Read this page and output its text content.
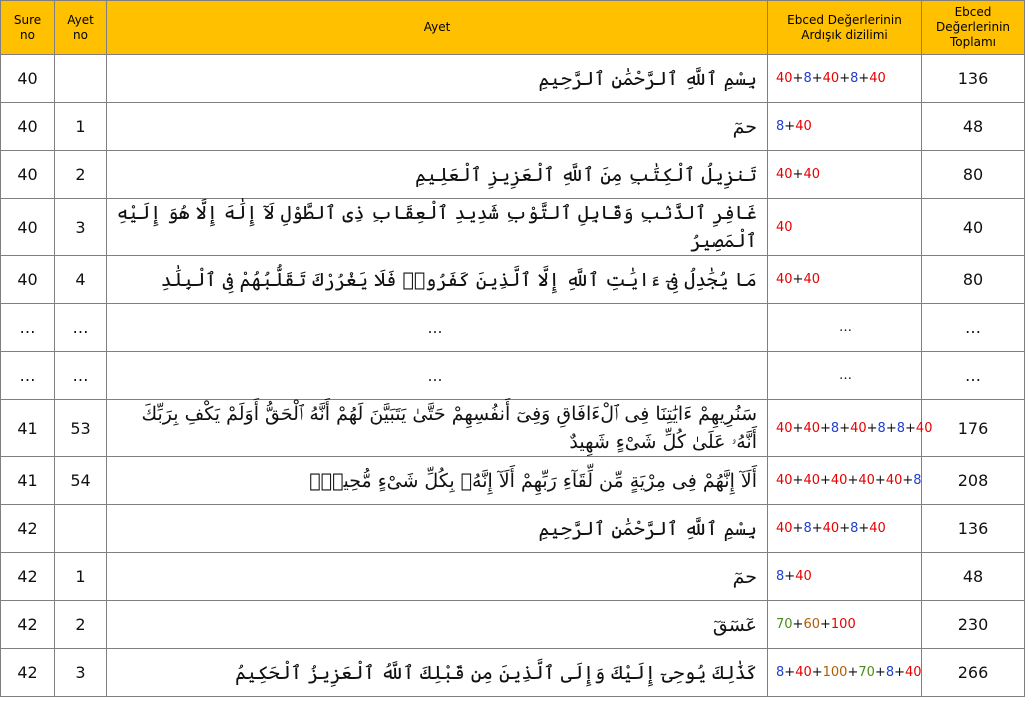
Sure no	Ayet no	Ayet	Ebced Değerlerinin Ardışık dizilimi	Ebced Değerlerinin Toplamı
40		بِسْمِ ٱللَّهِ ٱلرَّحْمَٰنِ ٱلرَّحِيمِ	40+8+40+8+40	136
40	1	حمٓ	8+40	48
40	2	تَنزِيلُ ٱلْكِتَٰبِ مِنَ ٱللَّهِ ٱلْعَزِيزِ ٱلْعَلِيمِ	40+40	80
40	3	غَافِرِ ٱلذَّنۢبِ وَقَابِلِ ٱلتَّوْبِ شَدِيدِ ٱلْعِقَابِ ذِى ٱلطَّوْلِ لَآ إِلَٰهَ إِلَّا هُوَ إِلَيْهِ ٱلْمَصِيرُ	40	40
40	4	مَا يُجَٰدِلُ فِىٓ ءَايَٰتِ ٱللَّهِ إِلَّا ٱلَّذِينَ كَفَرُوا۟ فَلَا يَغْرُرْكَ تَقَلُّبُهُمْ فِى ٱلْبِلَٰدِ	40+40	80
…	…	…	…	…
…	…	…	…	…
41	53	سَنُرِيهِمْ ءَايَٰتِنَا فِى ٱلْءَافَاقِ وَفِىٓ أَنفُسِهِمْ حَتَّىٰ يَتَبَيَّنَ لَهُمْ أَنَّهُ ٱلْحَقُّ أَوَلَمْ يَكْفِ بِرَبِّكَ أَنَّهُۥ عَلَىٰ كُلِّ شَىْءٍ شَهِيدٌ	40+40+8+40+8+8+40	176
41	54	أَلَآ إِنَّهُمْ فِى مِرْيَةٍ مِّن لِّقَآءِ رَبِّهِمْ أَلَآ إِنَّهُۥ بِكُلِّ شَىْءٍ مُّحِيطٌۢ	40+40+40+40+40+8	208
42		بِسْمِ ٱللَّهِ ٱلرَّحْمَٰنِ ٱلرَّحِيمِ	40+8+40+8+40	136
42	1	حمٓ	8+40	48
42	2	عٓسٓقٓ	70+60+100	230
42	3	كَذَٰلِكَ يُوحِىٓ إِلَيْكَ وَإِلَى ٱلَّذِينَ مِن قَبْلِكَ ٱللَّهُ ٱلْعَزِيزُ ٱلْحَكِيمُ	8+40+100+70+8+40	266
